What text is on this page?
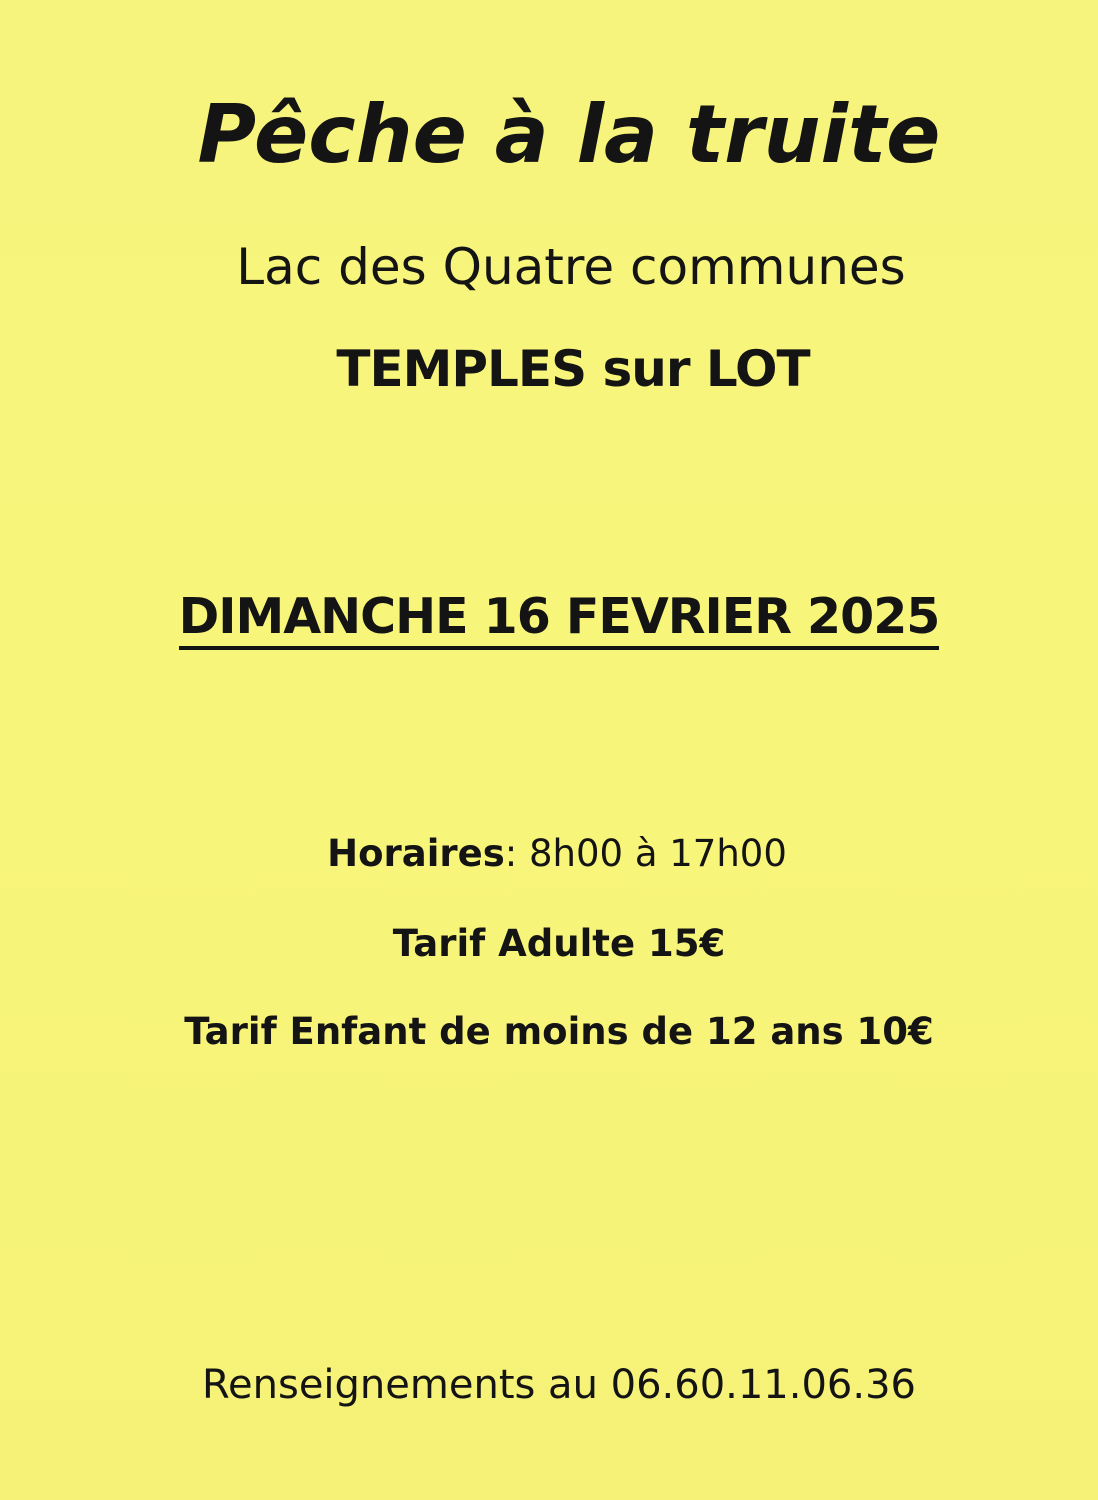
Pêche à la truite
Lac des Quatre communes
TEMPLES sur LOT
DIMANCHE 16 FEVRIER 2025
Horaires: 8h00 à 17h00
Tarif Adulte 15€
Tarif Enfant de moins de 12 ans 10€
Renseignements au 06.60.11.06.36
